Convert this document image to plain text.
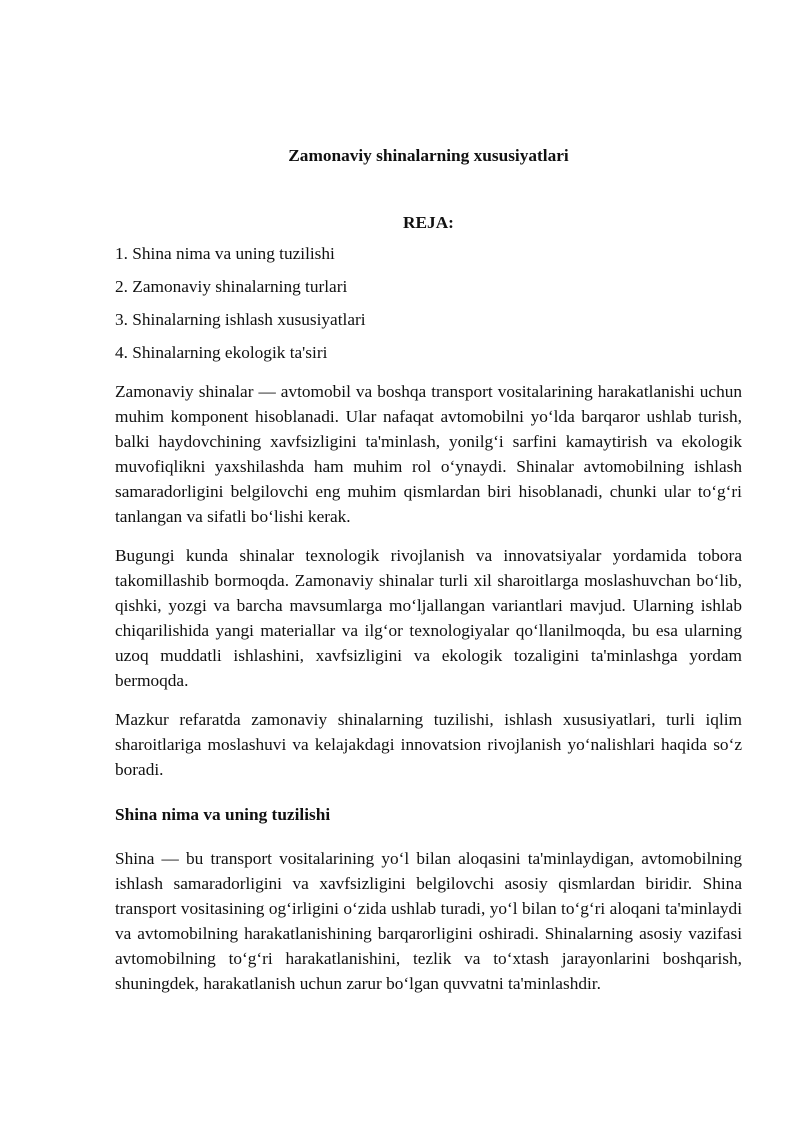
Zamonaviy shinalarning xususiyatlari
REJA:
1. Shina nima va uning tuzilishi
2. Zamonaviy shinalarning turlari
3. Shinalarning ishlash xususiyatlari
4. Shinalarning ekologik ta'siri

Zamonaviy shinalar — avtomobil va boshqa transport vositalarining harakatlanishi uchun muhim komponent hisoblanadi. Ular nafaqat avtomobilni yo‘lda barqaror ushlab turish, balki haydovchining xavfsizligini ta'minlash, yonilg‘i sarfini kamaytirish va ekologik muvofiqlikni yaxshilashda ham muhim rol o‘ynaydi. Shinalar avtomobilning ishlash samaradorligini belgilovchi eng muhim qismlardan biri hisoblanadi, chunki ular to‘g‘ri tanlangan va sifatli bo‘lishi kerak.

Bugungi kunda shinalar texnologik rivojlanish va innovatsiyalar yordamida tobora takomillashib bormoqda. Zamonaviy shinalar turli xil sharoitlarga moslashuvchan bo‘lib, qishki, yozgi va barcha mavsumlarga mo‘ljallangan variantlari mavjud. Ularning ishlab chiqarilishida yangi materiallar va ilg‘or texnologiyalar qo‘llanilmoqda, bu esa ularning uzoq muddatli ishlashini, xavfsizligini va ekologik tozaligini ta'minlashga yordam bermoqda.

Mazkur refaratda zamonaviy shinalarning tuzilishi, ishlash xususiyatlari, turli iqlim sharoitlariga moslashuvi va kelajakdagi innovatsion rivojlanish yo‘nalishlari haqida so‘z boradi.

Shina nima va uning tuzilishi

Shina — bu transport vositalarining yo‘l bilan aloqasini ta'minlaydigan, avtomobilning ishlash samaradorligini va xavfsizligini belgilovchi asosiy qismlardan biridir. Shina transport vositasining og‘irligini o‘zida ushlab turadi, yo‘l bilan to‘g‘ri aloqani ta'minlaydi va avtomobilning harakatlanishining barqarorligini oshiradi. Shinalarning asosiy vazifasi avtomobilning to‘g‘ri harakatlanishini, tezlik va to‘xtash jarayonlarini boshqarish, shuningdek, harakatlanish uchun zarur bo‘lgan quvvatni ta'minlashdir.
